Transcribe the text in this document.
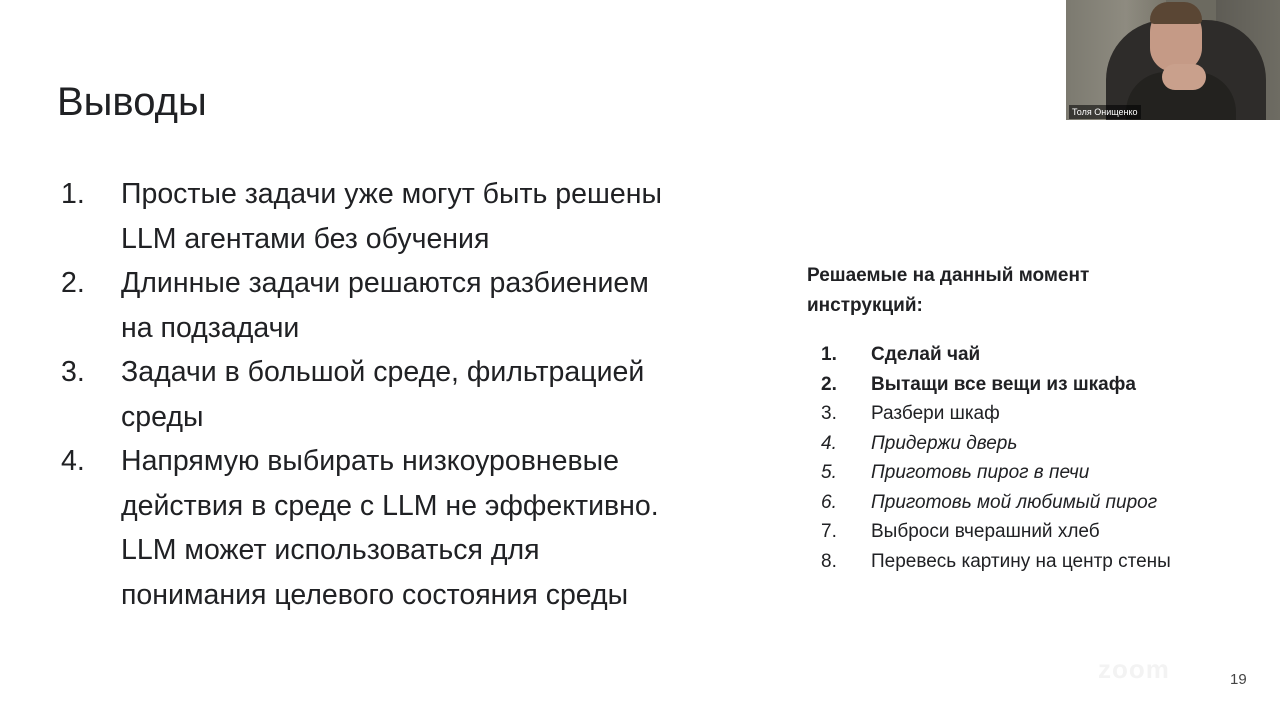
Выводы
1. Простые задачи уже могут быть решены
LLM агентами без обучения
2. Длинные задачи решаются разбиением
на подзадачи
3. Задачи в большой среде, фильтрацией
среды
4. Напрямую выбирать низкоуровневые
действия в среде с LLM не эффективно.
LLM может использоваться для
понимания целевого состояния среды
Решаемые на данный момент
инструкций:
1. Сделай чай
2. Вытащи все вещи из шкафа
3. Разбери шкаф
4. Придержи дверь
5. Приготовь пирог в печи
6. Приготовь мой любимый пирог
7. Выброси вчерашний хлеб
8. Перевесь картину на центр стены
zoom	19
Толя Онищенко
